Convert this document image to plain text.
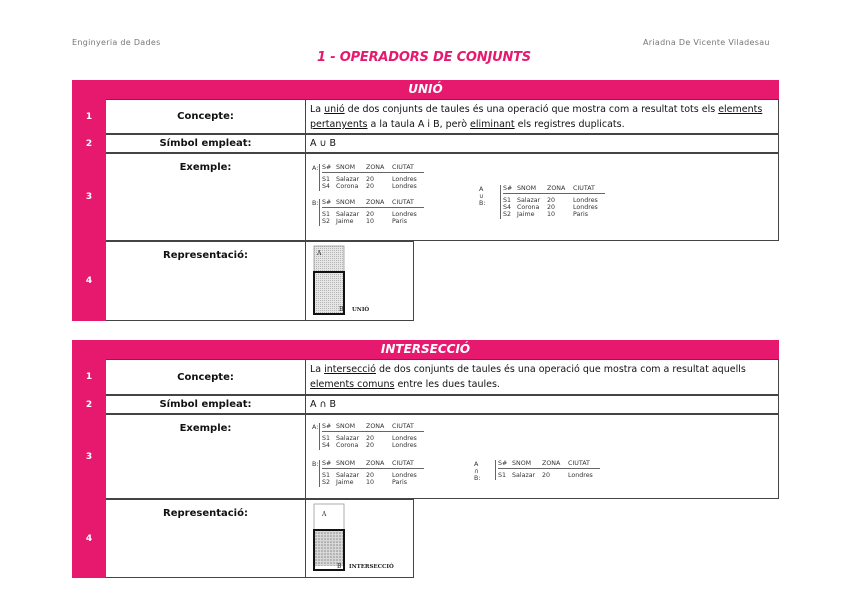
Enginyeria de Dades	Ariadna De Vicente Viladesau
1 - OPERADORS DE CONJUNTS
UNIÓ
1	Concepte:
La unió de dos conjunts de taules és una operació que mostra com a resultat tots els elements pertanyents a la taula A i B, però eliminant els registres duplicats.
2	Símbol empleat:	A ∪ B
3
Exemple:	A: S# SNOM ZONA CIUTAT
S1 Salazar 20	Londres
S4 Corona 20	Londres
B: S# SNOM ZONA CIUTAT
S1 Salazar 20	Londres
S2 Jaime 10	Paris
A ∪ B:
S# SNOM ZONA CIUTAT
S1 Salazar 20	Londres
S4 Corona 20	Londres
S2 Jaime 10	Paris
4
Representació:	A
B UNIÓ
INTERSECCIÓ
1	Concepte:
La intersecció de dos conjunts de taules és una operació que mostra com a resultat aquells elements comuns entre les dues taules.
2	Símbol empleat:	A ∩ B
3
Exemple:	A: S# SNOM ZONA CIUTAT
S1 Salazar 20	Londres
S4 Corona 20	Londres
B: S# SNOM ZONA CIUTAT
S1 Salazar 20	Londres
S2 Jaime 10	Paris
A ∩ B:
S# SNOM ZONA CIUTAT
S1 Salazar 20	Londres
4
Representació:	A
B INTERSECCIÓ
